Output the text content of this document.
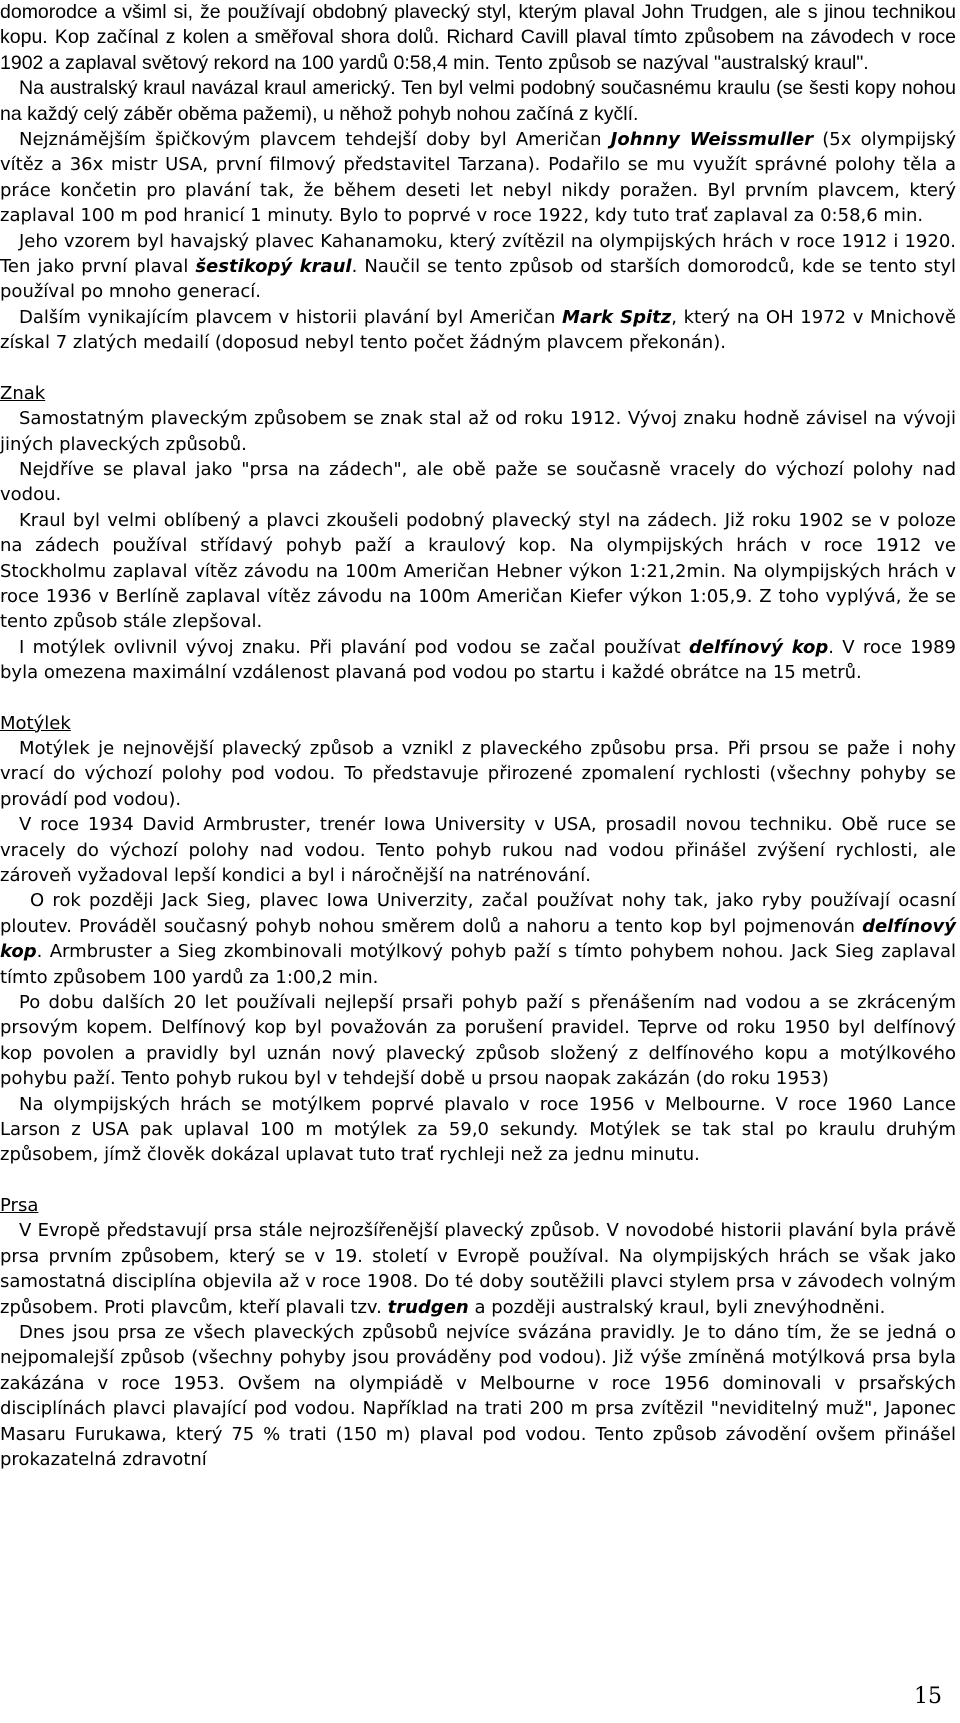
domorodce a všiml si, že používají obdobný plavecký styl, kterým plaval John Trudgen, ale s jinou technikou kopu. Kop začínal z kolen a směřoval shora dolů. Richard Cavill plaval tímto způsobem na závodech v roce 1902 a zaplaval světový rekord na 100 yardů 0:58,4 min. Tento způsob se nazýval "australský kraul".

Na australský kraul navázal kraul americký. Ten byl velmi podobný současnému kraulu (se šesti kopy nohou na každý celý záběr oběma pažemi), u něhož pohyb nohou začíná z kyčlí.

Nejznámějším špičkovým plavcem tehdejší doby byl Američan Johnny Weissmuller (5x olympijský vítěz a 36x mistr USA, první filmový představitel Tarzana). Podařilo se mu využít správné polohy těla a práce končetin pro plavání tak, že během deseti let nebyl nikdy poražen. Byl prvním plavcem, který zaplaval 100 m pod hranicí 1 minuty. Bylo to poprvé v roce 1922, kdy tuto trať zaplaval za 0:58,6 min.

Jeho vzorem byl havajský plavec Kahanamoku, který zvítězil na olympijských hrách v roce 1912 i 1920. Ten jako první plaval šestikopý kraul. Naučil se tento způsob od starších domorodců, kde se tento styl používal po mnoho generací.

Dalším vynikajícím plavcem v historii plavání byl Američan Mark Spitz, který na OH 1972 v Mnichově získal 7 zlatých medailí (doposud nebyl tento počet žádným plavcem překonán).

Znak

Samostatným plaveckým způsobem se znak stal až od roku 1912. Vývoj znaku hodně závisel na vývoji jiných plaveckých způsobů.

Nejdříve se plaval jako "prsa na zádech", ale obě paže se současně vracely do výchozí polohy nad vodou.

Kraul byl velmi oblíbený a plavci zkoušeli podobný plavecký styl na zádech. Již roku 1902 se v poloze na zádech používal střídavý pohyb paží a kraulový kop. Na olympijských hrách v roce 1912 ve Stockholmu zaplaval vítěz závodu na 100m Američan Hebner výkon 1:21,2min. Na olympijských hrách v roce 1936 v Berlíně zaplaval vítěz závodu na 100m Američan Kiefer výkon 1:05,9. Z toho vyplývá, že se tento způsob stále zlepšoval.

I motýlek ovlivnil vývoj znaku. Při plavání pod vodou se začal používat delfínový kop. V roce 1989 byla omezena maximální vzdálenost plavaná pod vodou po startu i každé obrátce na 15 metrů.

Motýlek

Motýlek je nejnovější plavecký způsob a vznikl z plaveckého způsobu prsa. Při prsou se paže i nohy vrací do výchozí polohy pod vodou. To představuje přirozené zpomalení rychlosti (všechny pohyby se provádí pod vodou).

V roce 1934 David Armbruster, trenér Iowa University v USA, prosadil novou techniku. Obě ruce se vracely do výchozí polohy nad vodou. Tento pohyb rukou nad vodou přinášel zvýšení rychlosti, ale zároveň vyžadoval lepší kondici a byl i náročnější na natrénování.

O rok později Jack Sieg, plavec Iowa Univerzity, začal používat nohy tak, jako ryby používají ocasní ploutev. Prováděl současný pohyb nohou směrem dolů a nahoru a tento kop byl pojmenován delfínový kop. Armbruster a Sieg zkombinovali motýlkový pohyb paží s tímto pohybem nohou. Jack Sieg zaplaval tímto způsobem 100 yardů za 1:00,2 min.

Po dobu dalších 20 let používali nejlepší prsaři pohyb paží s přenášením nad vodou a se zkráceným prsovým kopem. Delfínový kop byl považován za porušení pravidel. Teprve od roku 1950 byl delfínový kop povolen a pravidly byl uznán nový plavecký způsob složený z delfínového kopu a motýlkového pohybu paží. Tento pohyb rukou byl v tehdejší době u prsou naopak zakázán (do roku 1953)

Na olympijských hrách se motýlkem poprvé plavalo v roce 1956 v Melbourne. V roce 1960 Lance Larson z USA pak uplaval 100 m motýlek za 59,0 sekundy. Motýlek se tak stal po kraulu druhým způsobem, jímž člověk dokázal uplavat tuto trať rychleji než za jednu minutu.

Prsa

V Evropě představují prsa stále nejrozšířenější plavecký způsob. V novodobé historii plavání byla právě prsa prvním způsobem, který se v 19. století v Evropě používal. Na olympijských hrách se však jako samostatná disciplína objevila až v roce 1908. Do té doby soutěžili plavci stylem prsa v závodech volným způsobem. Proti plavcům, kteří plavali tzv. trudgen a později australský kraul, byli znevýhodněni.

Dnes jsou prsa ze všech plaveckých způsobů nejvíce svázána pravidly. Je to dáno tím, že se jedná o nejpomalejší způsob (všechny pohyby jsou prováděny pod vodou). Již výše zmíněná motýlková prsa byla zakázána v roce 1953. Ovšem na olympiádě v Melbourne v roce 1956 dominovali v prsařských disciplínách plavci plavající pod vodou. Například na trati 200 m prsa zvítězil "neviditelný muž", Japonec Masaru Furukawa, který 75 % trati (150 m) plaval pod vodou. Tento způsob závodění ovšem přinášel prokazatelná zdravotní

15
